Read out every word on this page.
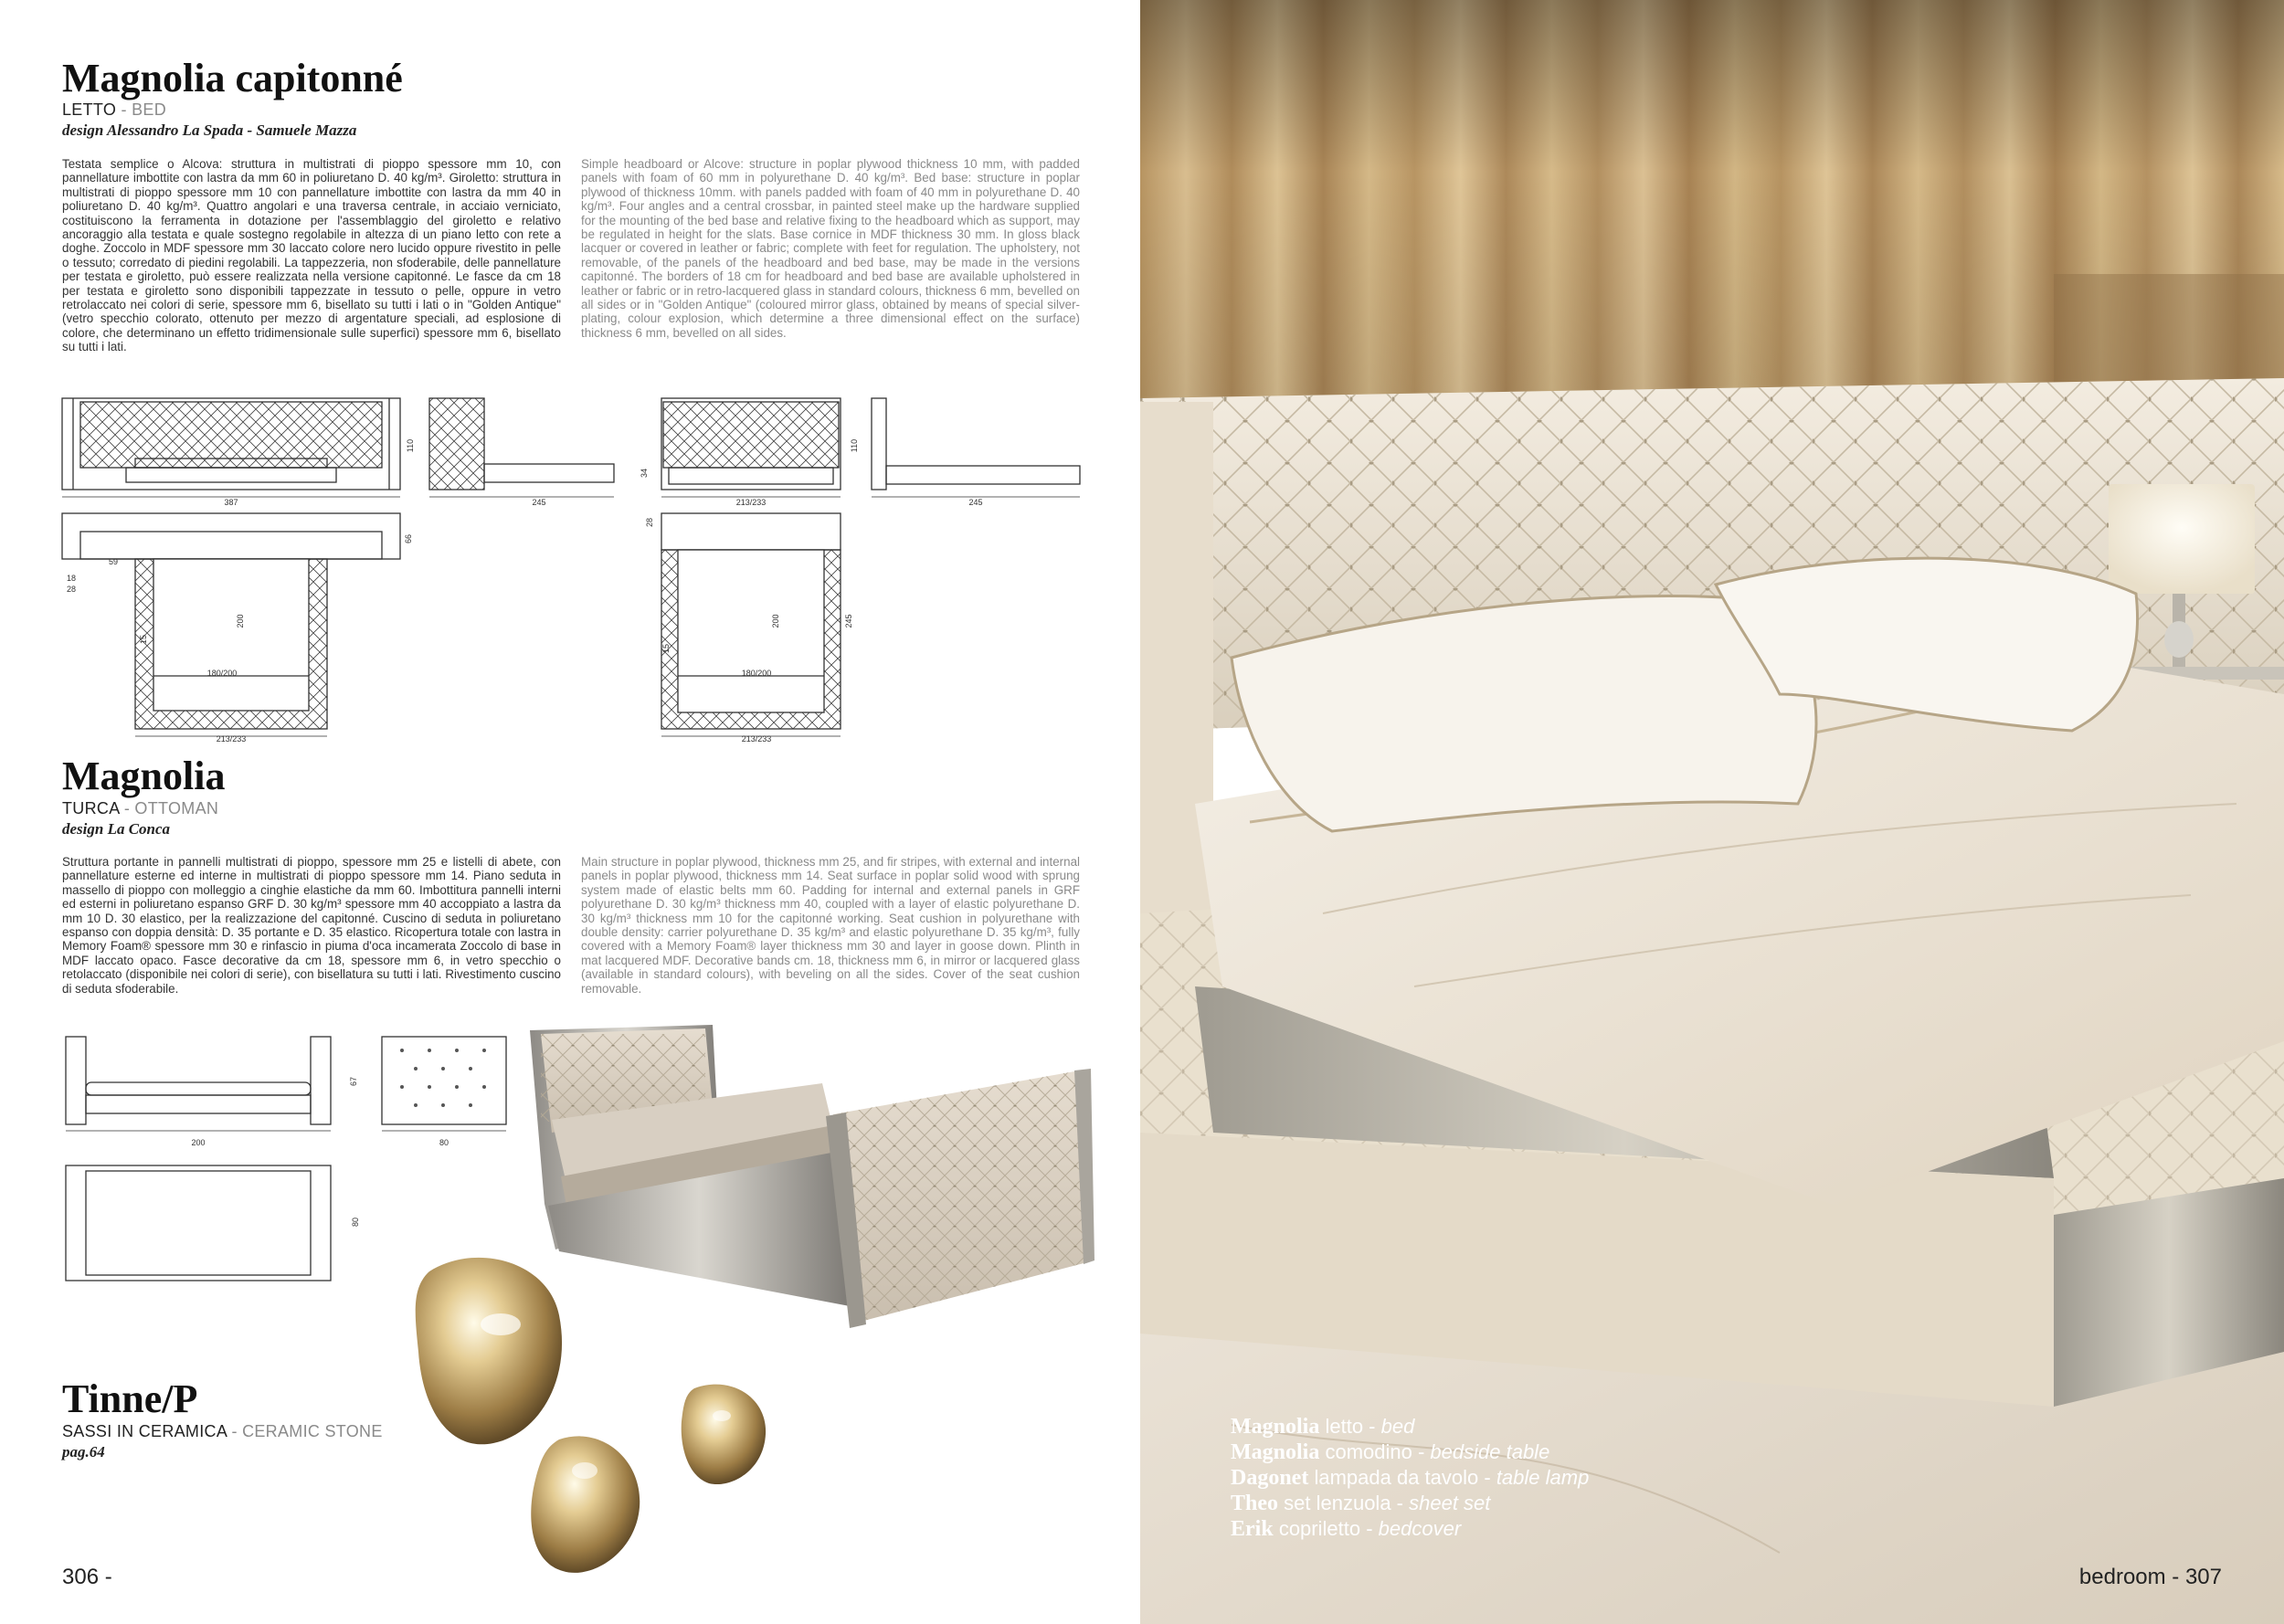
Magnolia capitonné
LETTO - BED
design Alessandro La Spada - Samuele Mazza
Testata semplice o Alcova: struttura in multistrati di pioppo spessore mm 10, con pannellature imbottite con lastra da mm 60 in poliuretano D. 40 kg/m³. Giroletto: struttura in multistrati di pioppo spessore mm 10 con pannellature imbottite con lastra da mm 40 in poliuretano D. 40 kg/m³. Quattro angolari e una traversa centrale, in acciaio verniciato, costituiscono la ferramenta in dotazione per l'assemblaggio del giroletto e relativo ancoraggio alla testata e quale sostegno regolabile in altezza di un piano letto con rete a doghe. Zoccolo in MDF spessore mm 30 laccato colore nero lucido oppure rivestito in pelle o tessuto; corredato di piedini regolabili. La tappezzeria, non sfoderabile, delle pannellature per testata e giroletto, può essere realizzata nella versione capitonné. Le fasce da cm 18 per testata e giroletto sono disponibili tappezzate in tessuto o pelle, oppure in vetro retrolaccato nei colori di serie, spessore mm 6, bisellato su tutti i lati o in "Golden Antique" (vetro specchio colorato, ottenuto per mezzo di argentature speciali, ad esplosione di colore, che determinano un effetto tridimensionale sulle superfici) spessore mm 6, bisellato su tutti i lati.
Simple headboard or Alcove: structure in poplar plywood thickness 10 mm, with padded panels with foam of 60 mm in polyurethane D. 40 kg/m³. Bed base: structure in poplar plywood of thickness 10mm. with panels padded with foam of 40 mm in polyurethane D. 40 kg/m³. Four angles and a central crossbar, in painted steel make up the hardware supplied for the mounting of the bed base and relative fixing to the headboard which as support, may be regulated in height for the slats. Base cornice in MDF thickness 30 mm. In gloss black lacquer or covered in leather or fabric; complete with feet for regulation. The upholstery, not removable, of the panels of the headboard and bed base, may be made in the versions capitonné. The borders of 18 cm for headboard and bed base are available upholstered in leather or fabric or in retro-lacquered glass in standard colours, thickness 6 mm, bevelled on all sides or in "Golden Antique" (coloured mirror glass, obtained by means of special silver-plating, colour explosion, which determine a three dimensional effect on the surface) thickness 6 mm, bevelled on all sides.
387
110
245
34
213/233
110
245
59
18
28
66
200
180/200
15
213/233
28
200
180/200
15
245
213/233
Magnolia
TURCA - OTTOMAN
design La Conca
Struttura portante in pannelli multistrati di pioppo, spessore mm 25 e listelli di abete, con pannellature esterne ed interne in multistrati di pioppo spessore mm 14. Piano seduta in massello di pioppo con molleggio a cinghie elastiche da mm 60. Imbottitura pannelli interni ed esterni in poliuretano espanso GRF D. 30 kg/m³ spessore mm 40 accoppiato a lastra da mm 10 D. 30 elastico, per la realizzazione del capitonné. Cuscino di seduta in poliuretano espanso con doppia densità: D. 35 portante e D. 35 elastico. Ricopertura totale con lastra in Memory Foam® spessore mm 30 e rinfascio in piuma d'oca incamerata Zoccolo di base in MDF laccato opaco. Fasce decorative da cm 18, spessore mm 6, in vetro specchio o retolaccato (disponibile nei colori di serie), con bisellatura su tutti i lati. Rivestimento cuscino di seduta sfoderabile.
Main structure in poplar plywood, thickness mm 25, and fir stripes, with external and internal panels in poplar plywood, thickness mm 14. Seat surface in poplar solid wood with sprung system made of elastic belts mm 60. Padding for internal and external panels in GRF polyurethane D. 30 kg/m³ thickness mm 40, coupled with a layer of elastic polyurethane D. 30 kg/m³ thickness mm 10 for the capitonné working. Seat cushion in polyurethane with double density: carrier polyurethane D. 35 kg/m³ and elastic polyurethane D. 35 kg/m³, fully covered with a Memory Foam® layer thickness mm 30 and layer in goose down. Plinth in mat lacquered MDF. Decorative bands cm. 18, thickness mm 6, in mirror or lacquered glass (available in standard colours), with beveling on all the sides. Cover of the seat cushion removable.
200
67
80
80
Tinne/P
SASSI IN CERAMICA - CERAMIC STONE
pag.64
306 -
Magnolia letto - bed
Magnolia comodino - bedside table
Dagonet lampada da tavolo - table lamp
Theo set lenzuola - sheet set
Erik copriletto - bedcover
bedroom - 307
